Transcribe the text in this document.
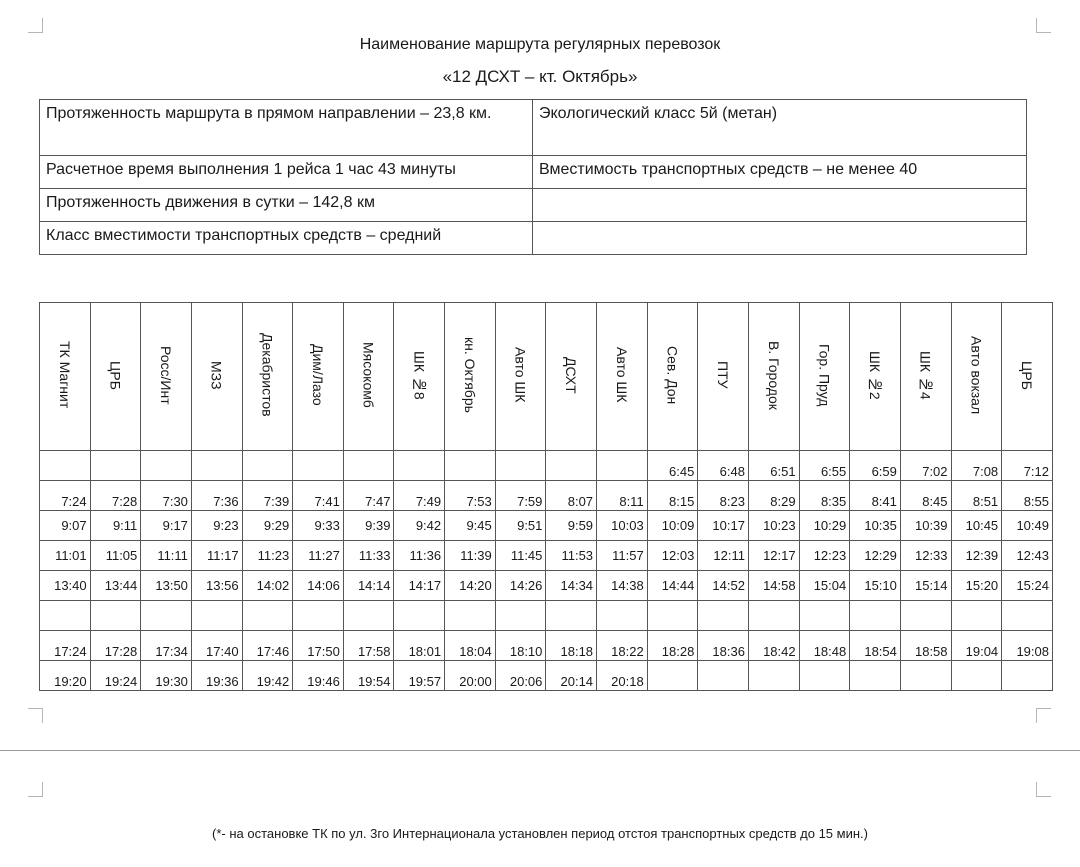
Наименование маршрута регулярных перевозок
«12 ДСХТ – кт. Октябрь»
Протяженность маршрута в прямом направлении – 23,8 км.	Экологический класс 5й (метан)
Расчетное время выполнения 1 рейса 1 час 43 минуты	Вместимость транспортных средств – не менее 40
Протяженность движения в сутки – 142,8 км	
Класс вместимости транспортных средств – средний	
ТК Магнит	ЦРБ	Росс/Инт	МЗЗ	Декабристов	Дим/Лазо	Мясокомб	ШК №8	кн. Октябрь	Авто ШК	ДСХТ	Авто ШК	Сев. Дон	ПТУ	В. Городок	Гор. Пруд	ШК №2	ШК №4	Авто вокзал	ЦРБ
												6:45	6:48	6:51	6:55	6:59	7:02	7:08	7:12
7:24	7:28	7:30	7:36	7:39	7:41	7:47	7:49	7:53	7:59	8:07	8:11	8:15	8:23	8:29	8:35	8:41	8:45	8:51	8:55
9:07	9:11	9:17	9:23	9:29	9:33	9:39	9:42	9:45	9:51	9:59	10:03	10:09	10:17	10:23	10:29	10:35	10:39	10:45	10:49
11:01	11:05	11:11	11:17	11:23	11:27	11:33	11:36	11:39	11:45	11:53	11:57	12:03	12:11	12:17	12:23	12:29	12:33	12:39	12:43
13:40	13:44	13:50	13:56	14:02	14:06	14:14	14:17	14:20	14:26	14:34	14:38	14:44	14:52	14:58	15:04	15:10	15:14	15:20	15:24

17:24	17:28	17:34	17:40	17:46	17:50	17:58	18:01	18:04	18:10	18:18	18:22	18:28	18:36	18:42	18:48	18:54	18:58	19:04	19:08
19:20	19:24	19:30	19:36	19:42	19:46	19:54	19:57	20:00	20:06	20:14	20:18								
(*- на остановке ТК по ул. 3го Интернационала установлен период отстоя транспортных средств до 15 мин.)
